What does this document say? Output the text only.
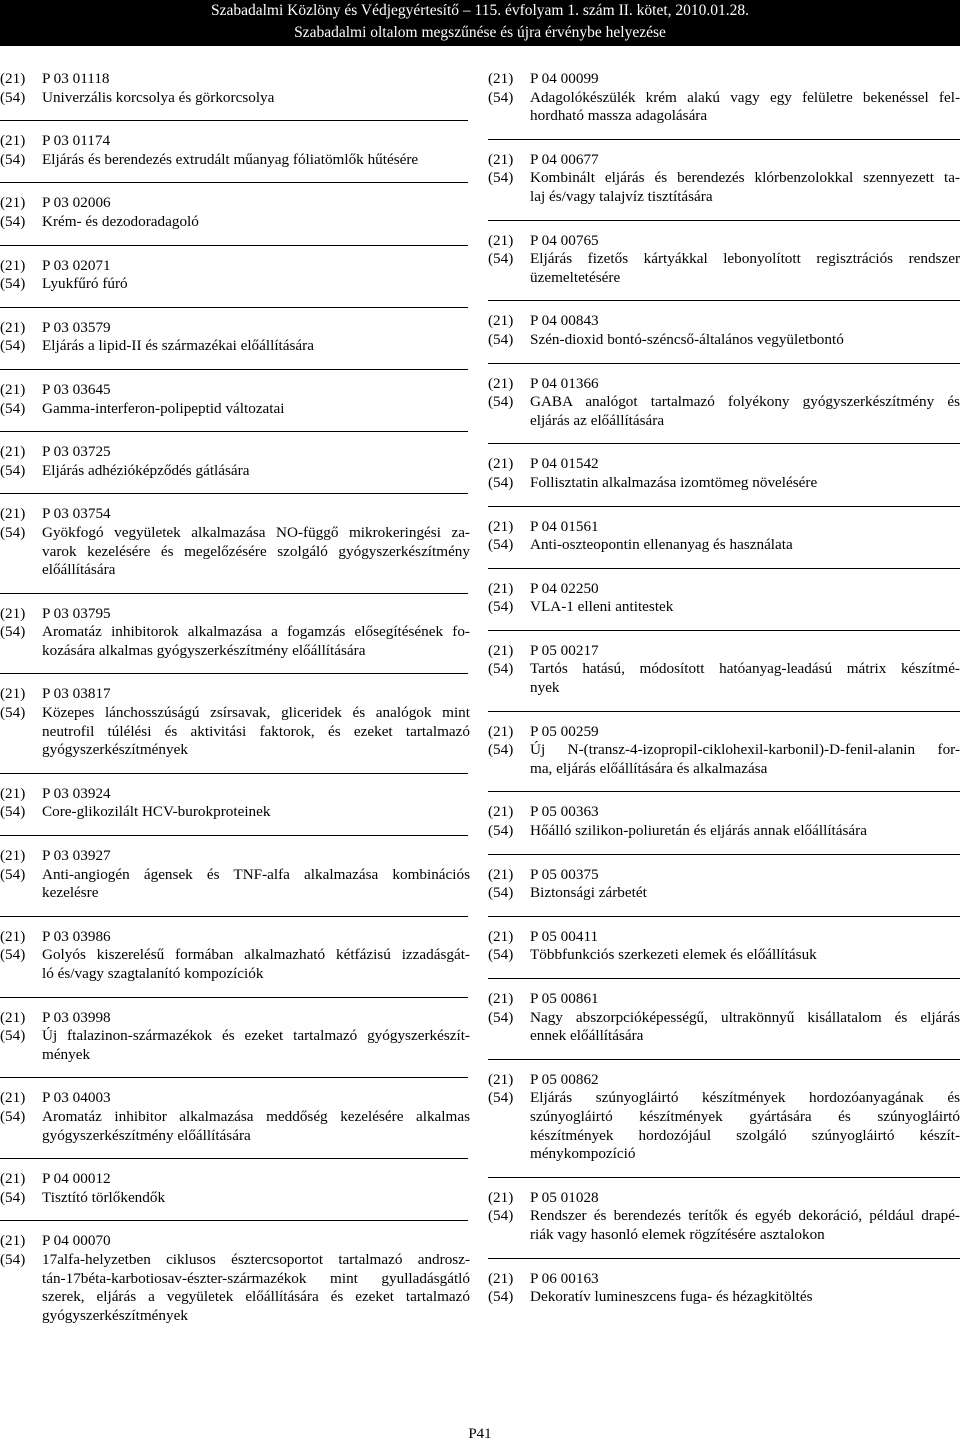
Szabadalmi Közlöny és Védjegyértesítő – 115. évfolyam 1. szám II. kötet, 2010.01.28.
Szabadalmi oltalom megszűnése és újra érvénybe helyezése
(21) P 03 01118
(54) Univerzális korcsolya és görkorcsolya
(21) P 03 01174
(54) Eljárás és berendezés extrudált műanyag fóliatömlők hűtésére
(21) P 03 02006
(54) Krém- és dezodoradagoló
(21) P 03 02071
(54) Lyukfűró fúró
(21) P 03 03579
(54) Eljárás a lipid-II és származékai előállítására
(21) P 03 03645
(54) Gamma-interferon-polipeptid változatai
(21) P 03 03725
(54) Eljárás adhézióképződés gátlására
(21) P 03 03754
(54) Gyökfogó vegyületek alkalmazása NO-függő mikrokeringési za-
varok kezelésére és megelőzésére szolgáló gyógyszerkészítmény
előállítására
(21) P 03 03795
(54) Aromatáz inhibitorok alkalmazása a fogamzás elősegítésének fo-
kozására alkalmas gyógyszerkészítmény előállítására
(21) P 03 03817
(54) Közepes lánchosszúságú zsírsavak, gliceridek és analógok mint
neutrofil túlélési és aktivitási faktorok, és ezeket tartalmazó
gyógyszerkészítmények
(21) P 03 03924
(54) Core-glikozilált HCV-burokproteinek
(21) P 03 03927
(54) Anti-angiogén ágensek és TNF-alfa alkalmazása kombinációs
kezelésre
(21) P 03 03986
(54) Golyós kiszerelésű formában alkalmazható kétfázisú izzadásgát-
ló és/vagy szagtalanító kompozíciók
(21) P 03 03998
(54) Új ftalazinon-származékok és ezeket tartalmazó gyógyszerkészít-
mények
(21) P 03 04003
(54) Aromatáz inhibitor alkalmazása meddőség kezelésére alkalmas
gyógyszerkészítmény előállítására
(21) P 04 00012
(54) Tisztító törlőkendők
(21) P 04 00070
(54) 17alfa-helyzetben ciklusos észtercsoportot tartalmazó androsz-
tán-17béta-karbotiosav-észter-származékok mint gyulladásgátló
szerek, eljárás a vegyületek előállítására és ezeket tartalmazó
gyógyszerkészítmények
(21) P 04 00099
(54) Adagolókészülék krém alakú vagy egy felületre bekenéssel fel-
hordható massza adagolására
(21) P 04 00677
(54) Kombinált eljárás és berendezés klórbenzolokkal szennyezett ta-
laj és/vagy talajvíz tisztítására
(21) P 04 00765
(54) Eljárás fizetős kártyákkal lebonyolított regisztrációs rendszer
üzemeltetésére
(21) P 04 00843
(54) Szén-dioxid bontó-széncső-általános vegyületbontó
(21) P 04 01366
(54) GABA analógot tartalmazó folyékony gyógyszerkészítmény és
eljárás az előállítására
(21) P 04 01542
(54) Follisztatin alkalmazása izomtömeg növelésére
(21) P 04 01561
(54) Anti-oszteopontin ellenanyag és használata
(21) P 04 02250
(54) VLA-1 elleni antitestek
(21) P 05 00217
(54) Tartós hatású, módosított hatóanyag-leadású mátrix készítmé-
nyek
(21) P 05 00259
(54) Új N-(transz-4-izopropil-ciklohexil-karbonil)-D-fenil-alanin for-
ma, eljárás előállítására és alkalmazása
(21) P 05 00363
(54) Hőálló szilikon-poliuretán és eljárás annak előállítására
(21) P 05 00375
(54) Biztonsági zárbetét
(21) P 05 00411
(54) Többfunkciós szerkezeti elemek és előállításuk
(21) P 05 00861
(54) Nagy abszorpcióképességű, ultrakönnyű kisállatalom és eljárás
ennek előállítására
(21) P 05 00862
(54) Eljárás szúnyogláirtó készítmények hordozóanyagának és
szúnyogláirtó készítmények gyártására és szúnyogláirtó
készítmények hordozójául szolgáló szúnyogláirtó készít-
ménykompozíció
(21) P 05 01028
(54) Rendszer és berendezés terítők és egyéb dekoráció, például drapé-
riák vagy hasonló elemek rögzítésére asztalokon
(21) P 06 00163
(54) Dekoratív lumineszcens fuga- és hézagkitöltés
P41
